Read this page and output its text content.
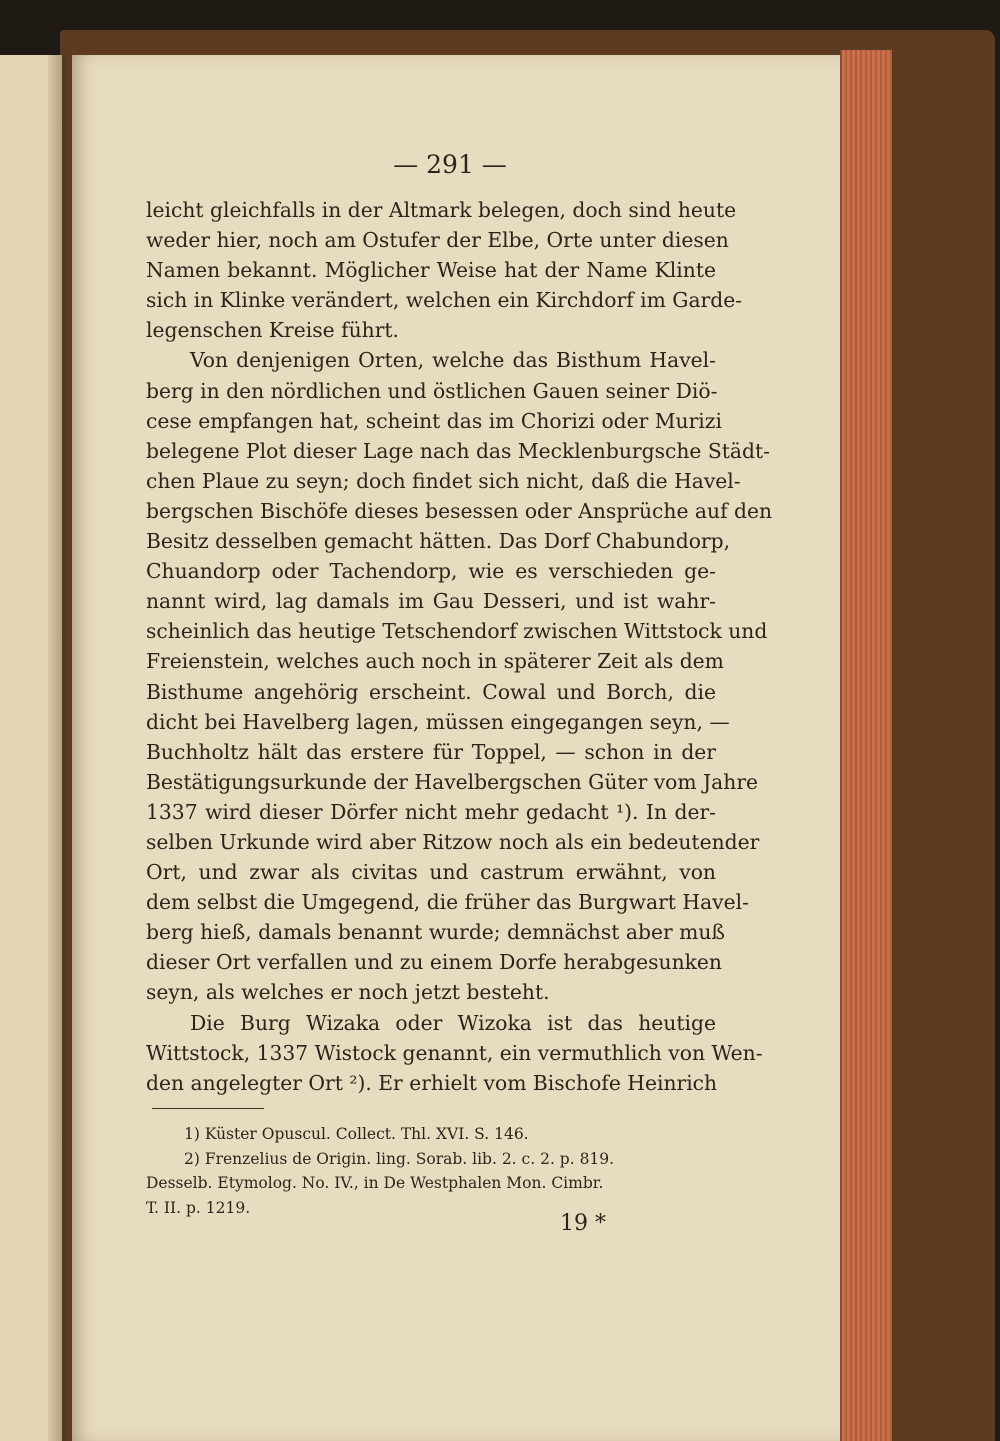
— 291 —
leicht gleichfalls in der Altmark belegen, doch sind heute
weder hier, noch am Ostufer der Elbe, Orte unter diesen
Namen bekannt. Möglicher Weise hat der Name Klinte
sich in Klinke verändert, welchen ein Kirchdorf im Garde-
legenschen Kreise führt.
Von denjenigen Orten, welche das Bisthum Havel-
berg in den nördlichen und östlichen Gauen seiner Diö-
cese empfangen hat, scheint das im Chorizi oder Murizi
belegene Plot dieser Lage nach das Mecklenburgsche Städt-
chen Plaue zu seyn; doch findet sich nicht, daß die Havel-
bergschen Bischöfe dieses besessen oder Ansprüche auf den
Besitz desselben gemacht hätten. Das Dorf Chabundorp,
Chuandorp oder Tachendorp, wie es verschieden ge-
nannt wird, lag damals im Gau Desseri, und ist wahr-
scheinlich das heutige Tetschendorf zwischen Wittstock und
Freienstein, welches auch noch in späterer Zeit als dem
Bisthume angehörig erscheint. Cowal und Borch, die
dicht bei Havelberg lagen, müssen eingegangen seyn, —
Buchholtz hält das erstere für Toppel, — schon in der
Bestätigungsurkunde der Havelbergschen Güter vom Jahre
1337 wird dieser Dörfer nicht mehr gedacht ¹). In der-
selben Urkunde wird aber Ritzow noch als ein bedeutender
Ort, und zwar als civitas und castrum erwähnt, von
dem selbst die Umgegend, die früher das Burgwart Havel-
berg hieß, damals benannt wurde; demnächst aber muß
dieser Ort verfallen und zu einem Dorfe herabgesunken
seyn, als welches er noch jetzt besteht.
Die Burg Wizaka oder Wizoka ist das heutige
Wittstock, 1337 Wistock genannt, ein vermuthlich von Wen-
den angelegter Ort ²). Er erhielt vom Bischofe Heinrich
1) Küster Opuscul. Collect. Thl. XVI. S. 146.
2) Frenzelius de Origin. ling. Sorab. lib. 2. c. 2. p. 819.
Desselb. Etymolog. No. IV., in De Westphalen Mon. Cimbr.
T. II. p. 1219.
19 *
